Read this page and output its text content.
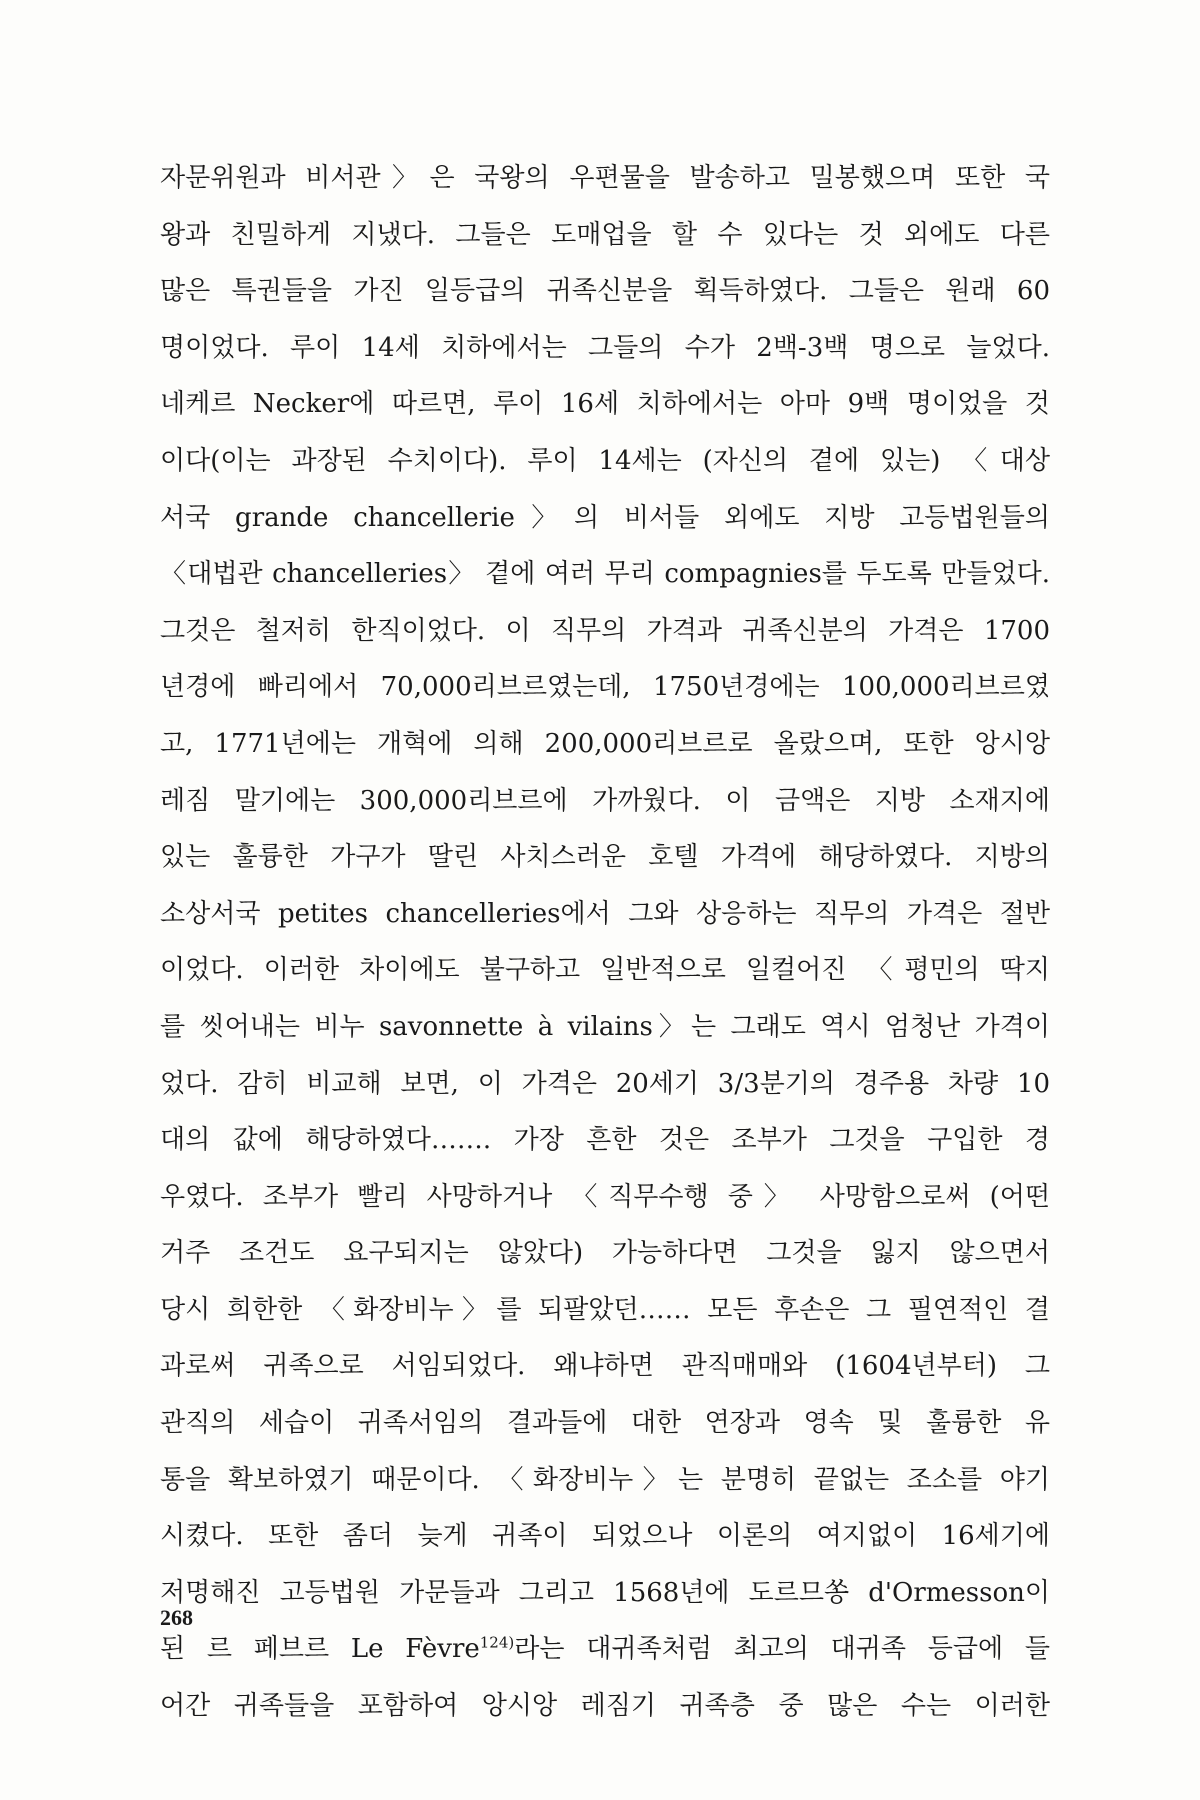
자문위원과 비서관〉은 국왕의 우편물을 발송하고 밀봉했으며 또한 국
왕과 친밀하게 지냈다. 그들은 도매업을 할 수 있다는 것 외에도 다른
많은 특권들을 가진 일등급의 귀족신분을 획득하였다. 그들은 원래 60
명이었다. 루이 14세 치하에서는 그들의 수가 2백-3백 명으로 늘었다.
네케르 Necker에 따르면, 루이 16세 치하에서는 아마 9백 명이었을 것
이다(이는 과장된 수치이다). 루이 14세는 (자신의 곁에 있는) 〈대상
서국 grande chancellerie〉의 비서들 외에도 지방 고등법원들의
〈대법관 chancelleries〉 곁에 여러 무리 compagnies를 두도록 만들었다.
그것은 철저히 한직이었다. 이 직무의 가격과 귀족신분의 가격은 1700
년경에 빠리에서 70,000리브르였는데, 1750년경에는 100,000리브르였
고, 1771년에는 개혁에 의해 200,000리브르로 올랐으며, 또한 앙시앙
레짐 말기에는 300,000리브르에 가까웠다. 이 금액은 지방 소재지에
있는 훌륭한 가구가 딸린 사치스러운 호텔 가격에 해당하였다. 지방의
소상서국 petites chancelleries에서 그와 상응하는 직무의 가격은 절반
이었다. 이러한 차이에도 불구하고 일반적으로 일컬어진 〈평민의 딱지
를 씻어내는 비누 savonnette à vilains〉는 그래도 역시 엄청난 가격이
었다. 감히 비교해 보면, 이 가격은 20세기 3/3분기의 경주용 차량 10
대의 값에 해당하였다……. 가장 흔한 것은 조부가 그것을 구입한 경
우였다. 조부가 빨리 사망하거나 〈직무수행 중〉 사망함으로써 (어떤
거주 조건도 요구되지는 않았다) 가능하다면 그것을 잃지 않으면서
당시 희한한 〈화장비누〉를 되팔았던…… 모든 후손은 그 필연적인 결
과로써 귀족으로 서임되었다. 왜냐하면 관직매매와 (1604년부터) 그
관직의 세습이 귀족서임의 결과들에 대한 연장과 영속 및 훌륭한 유
통을 확보하였기 때문이다. 〈화장비누〉는 분명히 끝없는 조소를 야기
시켰다. 또한 좀더 늦게 귀족이 되었으나 이론의 여지없이 16세기에
저명해진 고등법원 가문들과 그리고 1568년에 도르므쏭 d'Ormesson이
된 르 페브르 Le Fèvre$^{124)}$라는 대귀족처럼 최고의 대귀족 등급에 들
어간 귀족들을 포함하여 앙시앙 레짐기 귀족층 중 많은 수는 이러한
268
